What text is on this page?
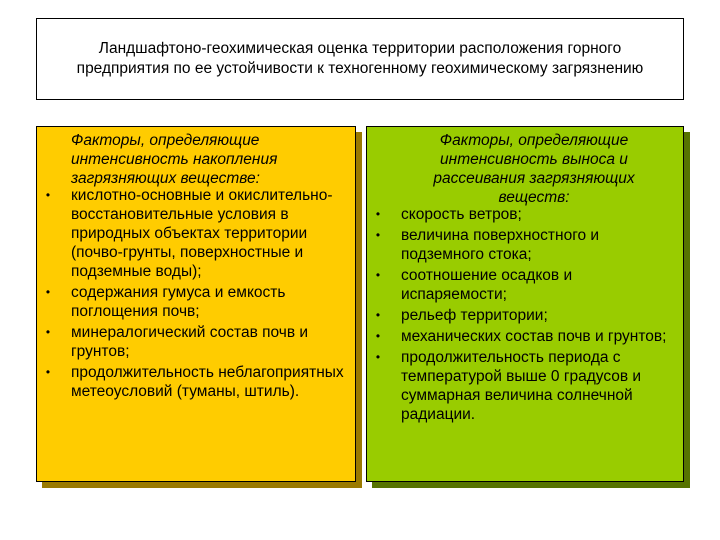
Ландшафтоно-геохимическая оценка территории расположения горного предприятия по ее устойчивости к техногенному геохимическому загрязнению
Факторы, определяющие интенсивность накопления загрязняющих веществе:
•	кислотно-основные и окислительно-восстановительные условия в природных объектах территории (почво-грунты, поверхностные и подземные воды);
•	содержания гумуса и емкость поглощения почв;
•	минералогический состав почв и грунтов;
•	продолжительность неблагоприятных метеоусловий (туманы, штиль).
Факторы, определяющие интенсивность выноса и рассеивания загрязняющих веществ:
•	скорость ветров;
•	величина поверхностного и подземного стока;
•	соотношение осадков и испаряемости;
•	рельеф территории;
•	механических состав почв и грунтов;
•	продолжительность периода с температурой выше 0 градусов и суммарная величина солнечной радиации.
